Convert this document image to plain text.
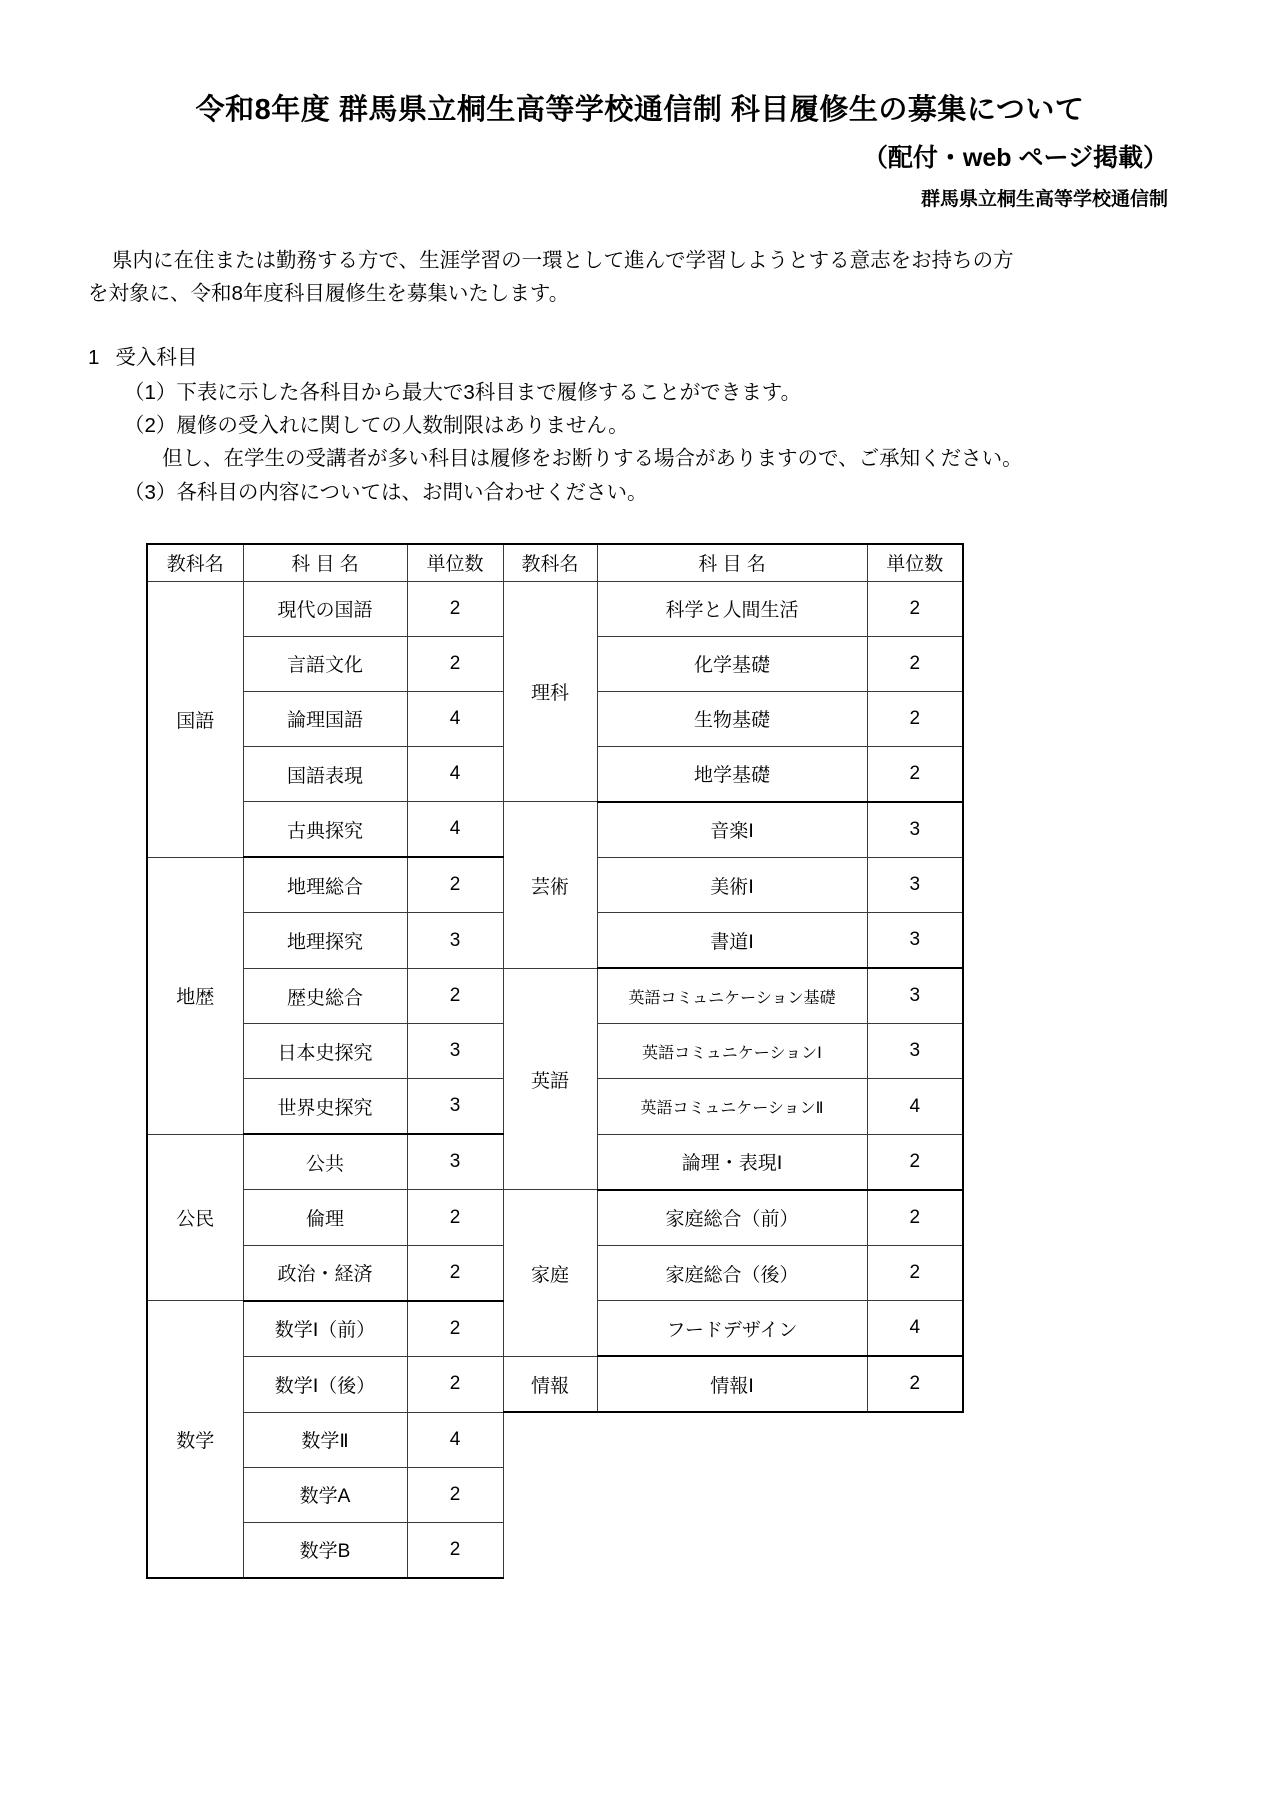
令和8年度 群馬県立桐生高等学校通信制 科目履修生の募集について
（配付・web ページ掲載）
群馬県立桐生高等学校通信制

県内に在住または勤務する方で、生涯学習の一環として進んで学習しようとする意志をお持ちの方

を対象に、令和8年度科目履修生を募集いたします。

1 受入科目

（1）下表に示した各科目から最大で3科目まで履修することができます。

（2）履修の受入れに関しての人数制限はありません。

但し、在学生の受講者が多い科目は履修をお断りする場合がありますので、ご承知ください。

（3）各科目の内容については、お問い合わせください。

教科名	科 目 名	単位数	教科名	科 目 名	単位数
国語	現代の国語	2	理科	科学と人間生活	2
	言語文化	2		化学基礎	2
	論理国語	4		生物基礎	2
	国語表現	4		地学基礎	2
	古典探究	4	芸術	音楽Ⅰ	3
地歴	地理総合	2		美術Ⅰ	3
	地理探究	3		書道Ⅰ	3
	歴史総合	2	英語	英語コミュニケーション基礎	3
	日本史探究	3		英語コミュニケーションⅠ	3
	世界史探究	3		英語コミュニケーションⅡ	4
公民	公共	3		論理・表現Ⅰ	2
	倫理	2	家庭	家庭総合（前）	2
	政治・経済	2		家庭総合（後）	2
数学	数学Ⅰ（前）	2		フードデザイン	4
	数学Ⅰ（後）	2	情報	情報Ⅰ	2
	数学Ⅱ	4			
	数学A	2			
	数学B	2			
